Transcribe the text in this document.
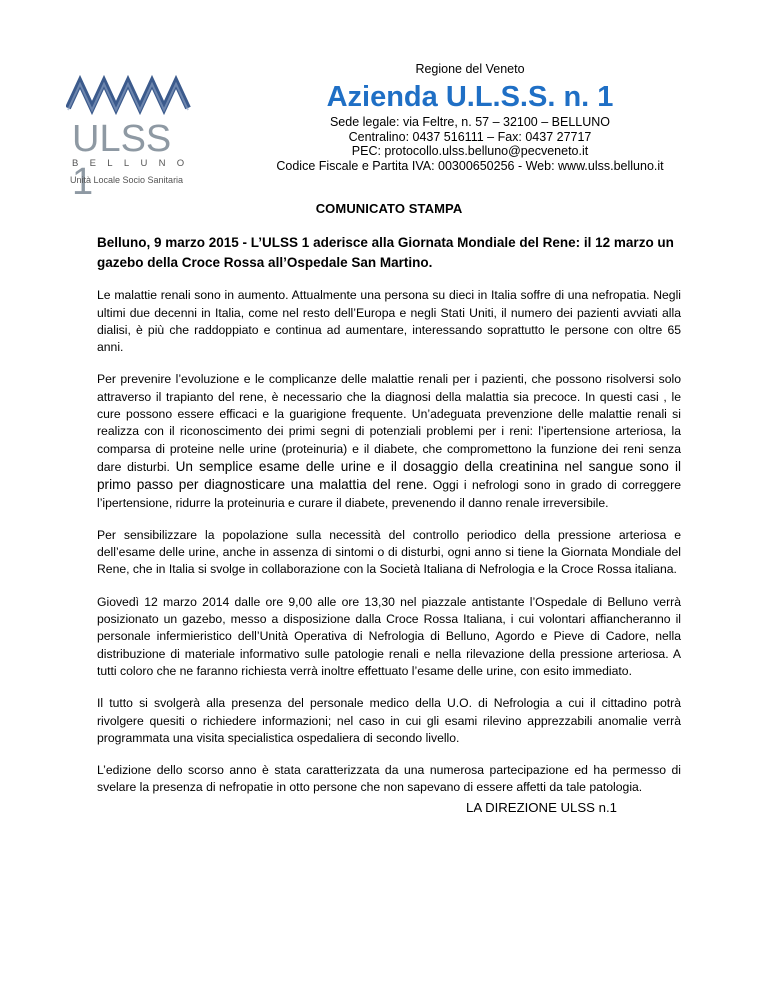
ULSS 1
BELLUNO
Unità Locale Socio Sanitaria

Regione del Veneto

Azienda U.L.S.S. n. 1

Sede legale: via Feltre, n. 57 – 32100 – BELLUNO

Centralino: 0437 516111 – Fax: 0437 27717

PEC: protocollo.ulss.belluno@pecveneto.it

Codice Fiscale e Partita IVA: 00300650256 - Web: www.ulss.belluno.it

COMUNICATO STAMPA
Belluno, 9 marzo 2015 - L’ULSS 1 aderisce alla Giornata Mondiale del Rene: il 12 marzo un gazebo della Croce Rossa all’Ospedale San Martino.

Le malattie renali sono in aumento. Attualmente una persona su dieci in Italia soffre di una nefropatia. Negli ultimi due decenni in Italia, come nel resto dell’Europa e negli Stati Uniti, il numero dei pazienti avviati alla dialisi, è più che raddoppiato e continua ad aumentare, interessando soprattutto le persone con oltre 65 anni.

Per prevenire l’evoluzione e le complicanze delle malattie renali per i pazienti, che possono risolversi solo attraverso il trapianto del rene, è necessario che la diagnosi della malattia sia precoce. In questi casi , le cure possono essere efficaci e la guarigione frequente. Un’adeguata prevenzione delle malattie renali si realizza con il riconoscimento dei primi segni di potenziali problemi per i reni: l’ipertensione arteriosa, la comparsa di proteine nelle urine (proteinuria) e il diabete, che compromettono la funzione dei reni senza dare disturbi. Un semplice esame delle urine e il dosaggio della creatinina nel sangue sono il primo passo per diagnosticare una malattia del rene. Oggi i nefrologi sono in grado di correggere l’ipertensione, ridurre la proteinuria e curare il diabete, prevenendo il danno renale irreversibile.

Per sensibilizzare la popolazione sulla necessità del controllo periodico della pressione arteriosa e dell’esame delle urine, anche in assenza di sintomi o di disturbi, ogni anno si tiene la Giornata Mondiale del Rene, che in Italia si svolge in collaborazione con la Società Italiana di Nefrologia e la Croce Rossa italiana.

Giovedì 12 marzo 2014 dalle ore 9,00 alle ore 13,30 nel piazzale antistante l’Ospedale di Belluno verrà posizionato un gazebo, messo a disposizione dalla Croce Rossa Italiana, i cui volontari affiancheranno il personale infermieristico dell’Unità Operativa di Nefrologia di Belluno, Agordo e Pieve di Cadore, nella distribuzione di materiale informativo sulle patologie renali e nella rilevazione della pressione arteriosa. A tutti coloro che ne faranno richiesta verrà inoltre effettuato l’esame delle urine, con esito immediato.

Il tutto si svolgerà alla presenza del personale medico della U.O. di Nefrologia a cui il cittadino potrà rivolgere quesiti o richiedere informazioni; nel caso in cui gli esami rilevino apprezzabili anomalie verrà programmata una visita specialistica ospedaliera di secondo livello.

L’edizione dello scorso anno è stata caratterizzata da una numerosa partecipazione ed ha permesso di svelare la presenza di nefropatie in otto persone che non sapevano di essere affetti da tale patologia.

LA DIREZIONE ULSS n.1
